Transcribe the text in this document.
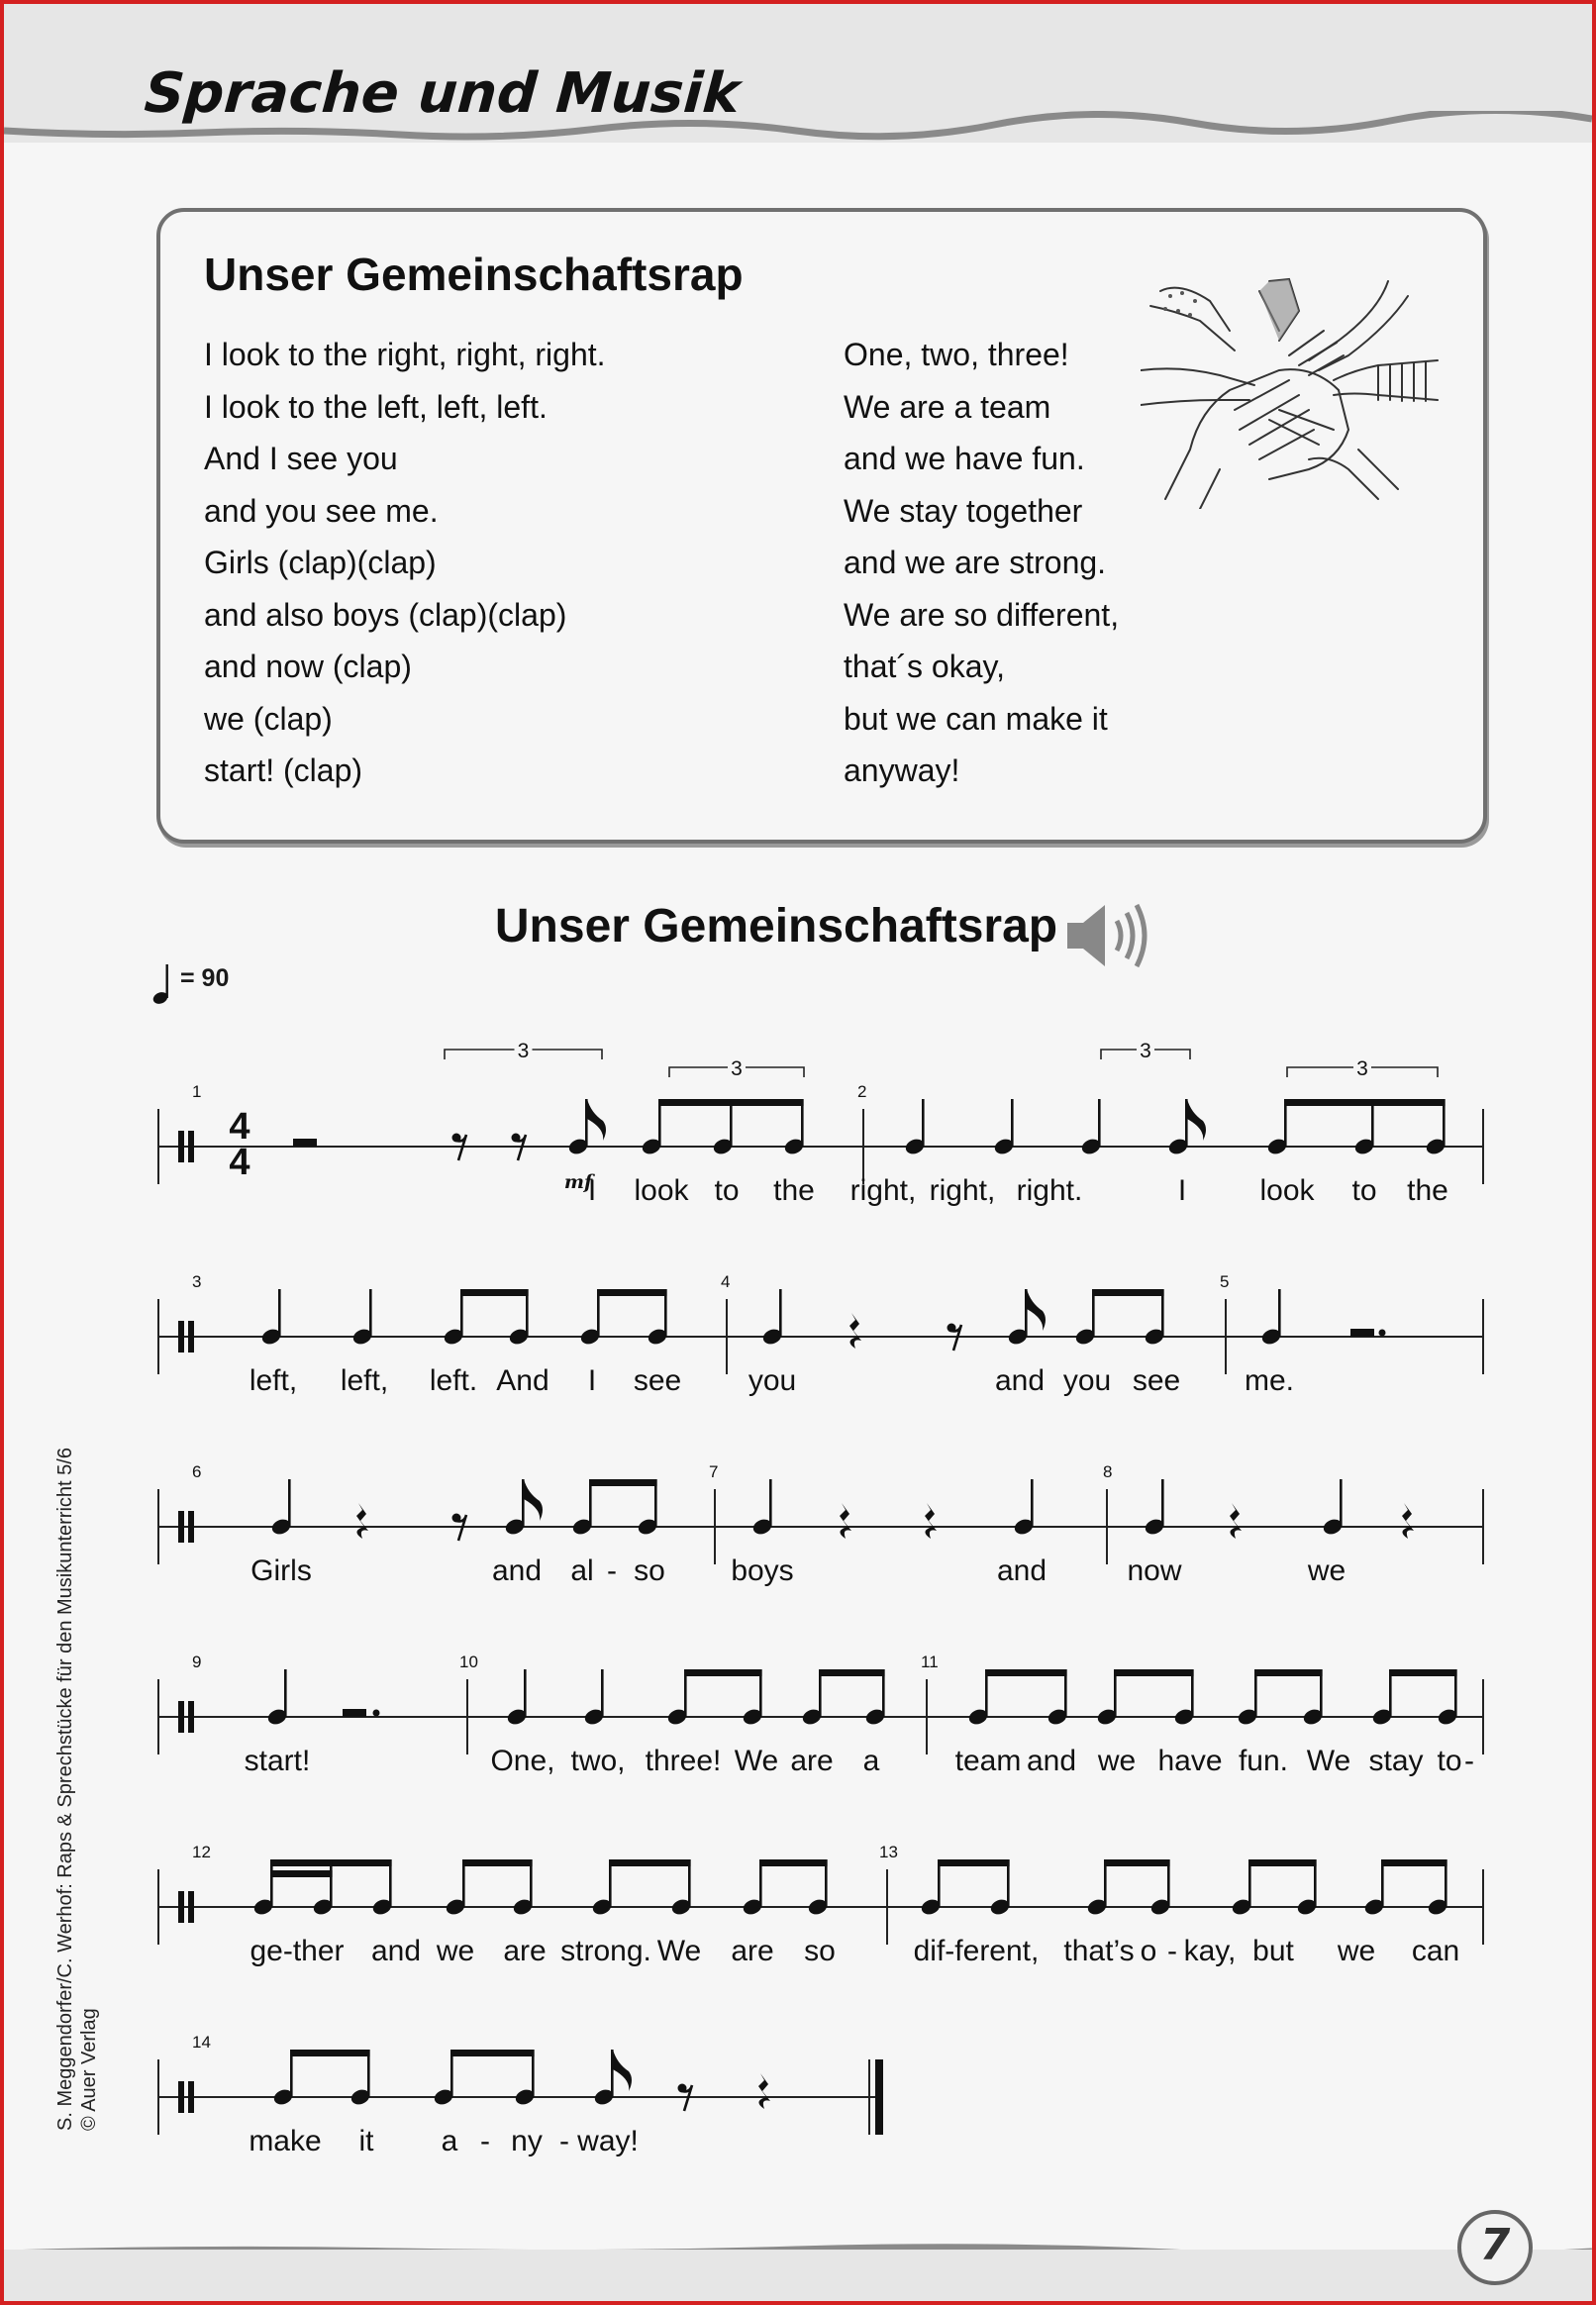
Sprache und Musik
Unser Gemeinschaftsrap
I look to the right, right, right.
I look to the left, left, left.
And I see you
and you see me.
Girls (clap)(clap)
and also boys (clap)(clap)
and now (clap)
we (clap)
start! (clap)
One, two, three!
We are a team
and we have fun.
We stay together
and we are strong.
We are so different,
that´s okay,
but we can make it
anyway!
Unser Gemeinschaftsrap
= 90
1	2
4
4	mf
3
3
3
3
I look to the right, right, right.	I look to the
3	4	5
left, left, left. And I see you	and you see me.
6	7	8
Girls	and al - so boys	and	now	we
9	10	11
start!	One, two, three! We are a	team and we have fun. We stay to -
12	13
ge-ther and we are strong. We are so	dif-ferent, that’s o - kay, but we can
14
make it a - ny - way!
7
S. Meggendorfer/C. Werhof: Raps & Sprechstücke für den Musikunterricht 5/6 © Auer Verlag
